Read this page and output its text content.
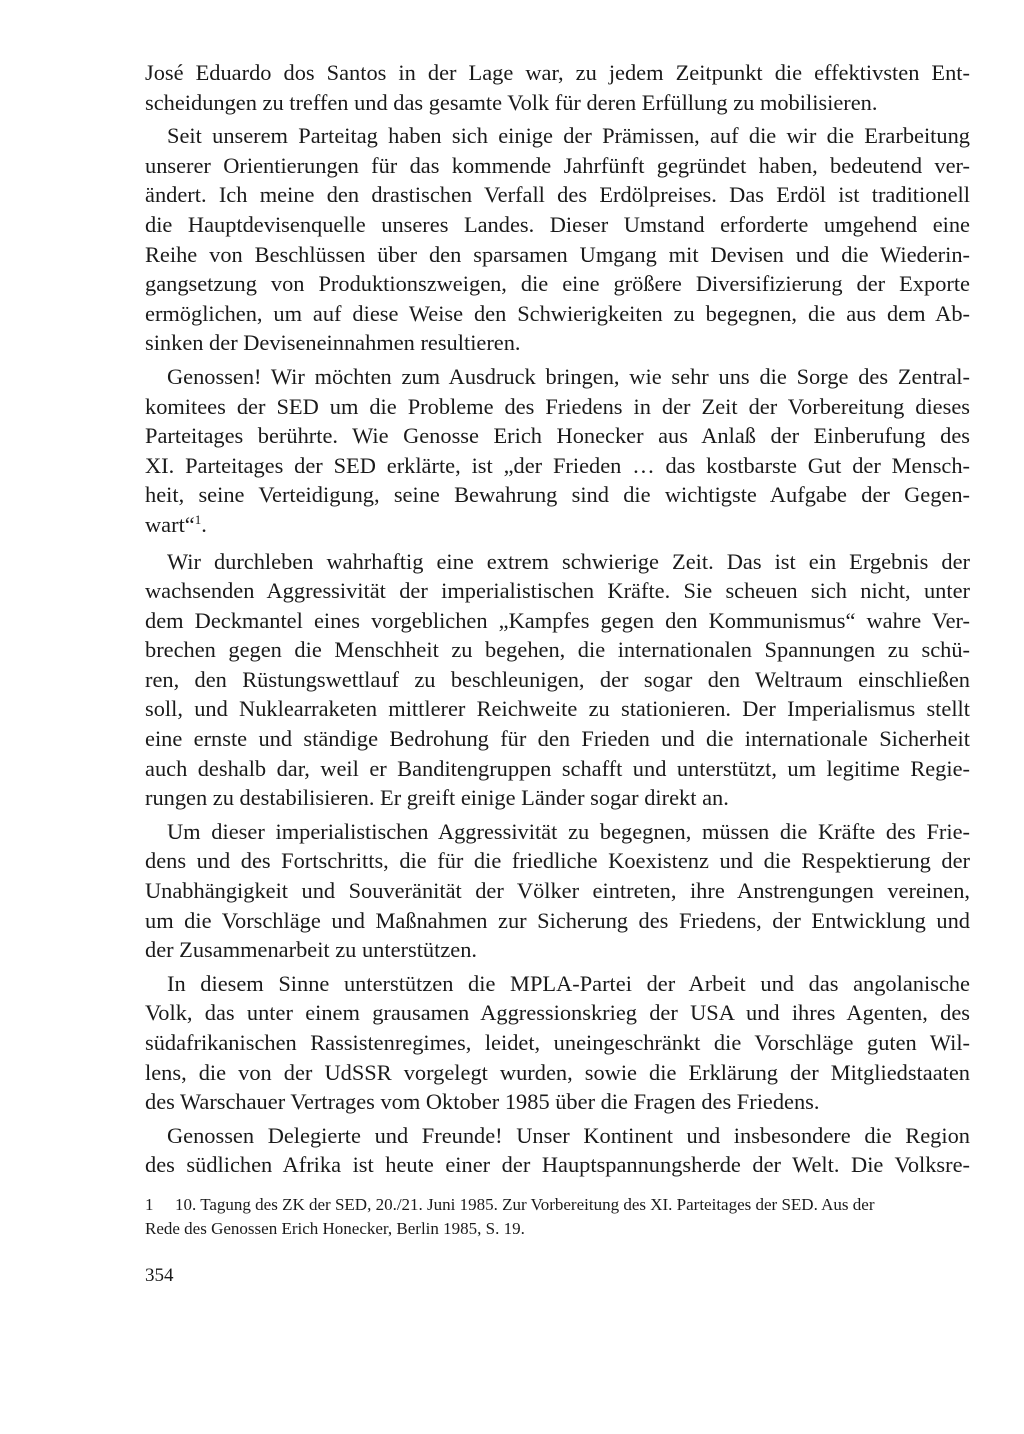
José Eduardo dos Santos in der Lage war, zu jedem Zeitpunkt die effektivsten Ent-
scheidungen zu treffen und das gesamte Volk für deren Erfüllung zu mobilisieren.

Seit unserem Parteitag haben sich einige der Prämissen, auf die wir die Erarbeitung
unserer Orientierungen für das kommende Jahrfünft gegründet haben, bedeutend ver-
ändert. Ich meine den drastischen Verfall des Erdölpreises. Das Erdöl ist traditionell
die Hauptdevisenquelle unseres Landes. Dieser Umstand erforderte umgehend eine
Reihe von Beschlüssen über den sparsamen Umgang mit Devisen und die Wiederin-
gangsetzung von Produktionszweigen, die eine größere Diversifizierung der Exporte
ermöglichen, um auf diese Weise den Schwierigkeiten zu begegnen, die aus dem Ab-
sinken der Deviseneinnahmen resultieren.

Genossen! Wir möchten zum Ausdruck bringen, wie sehr uns die Sorge des Zentral-
komitees der SED um die Probleme des Friedens in der Zeit der Vorbereitung dieses
Parteitages berührte. Wie Genosse Erich Honecker aus Anlaß der Einberufung des
XI. Parteitages der SED erklärte, ist „der Frieden … das kostbarste Gut der Mensch-
heit, seine Verteidigung, seine Bewahrung sind die wichtigste Aufgabe der Gegen-
wart“$^1$.

Wir durchleben wahrhaftig eine extrem schwierige Zeit. Das ist ein Ergebnis der
wachsenden Aggressivität der imperialistischen Kräfte. Sie scheuen sich nicht, unter
dem Deckmantel eines vorgeblichen „Kampfes gegen den Kommunismus“ wahre Ver-
brechen gegen die Menschheit zu begehen, die internationalen Spannungen zu schü-
ren, den Rüstungswettlauf zu beschleunigen, der sogar den Weltraum einschließen
soll, und Nuklearraketen mittlerer Reichweite zu stationieren. Der Imperialismus stellt
eine ernste und ständige Bedrohung für den Frieden und die internationale Sicherheit
auch deshalb dar, weil er Banditengruppen schafft und unterstützt, um legitime Regie-
rungen zu destabilisieren. Er greift einige Länder sogar direkt an.

Um dieser imperialistischen Aggressivität zu begegnen, müssen die Kräfte des Frie-
dens und des Fortschritts, die für die friedliche Koexistenz und die Respektierung der
Unabhängigkeit und Souveränität der Völker eintreten, ihre Anstrengungen vereinen,
um die Vorschläge und Maßnahmen zur Sicherung des Friedens, der Entwicklung und
der Zusammenarbeit zu unterstützen.

In diesem Sinne unterstützen die MPLA-Partei der Arbeit und das angolanische
Volk, das unter einem grausamen Aggressionskrieg der USA und ihres Agenten, des
südafrikanischen Rassistenregimes, leidet, uneingeschränkt die Vorschläge guten Wil-
lens, die von der UdSSR vorgelegt wurden, sowie die Erklärung der Mitgliedstaaten
des Warschauer Vertrages vom Oktober 1985 über die Fragen des Friedens.

Genossen Delegierte und Freunde! Unser Kontinent und insbesondere die Region
des südlichen Afrika ist heute einer der Hauptspannungsherde der Welt. Die Volksre-

1 10. Tagung des ZK der SED, 20./21. Juni 1985. Zur Vorbereitung des XI. Parteitages der SED. Aus der
Rede des Genossen Erich Honecker, Berlin 1985, S. 19.
354
